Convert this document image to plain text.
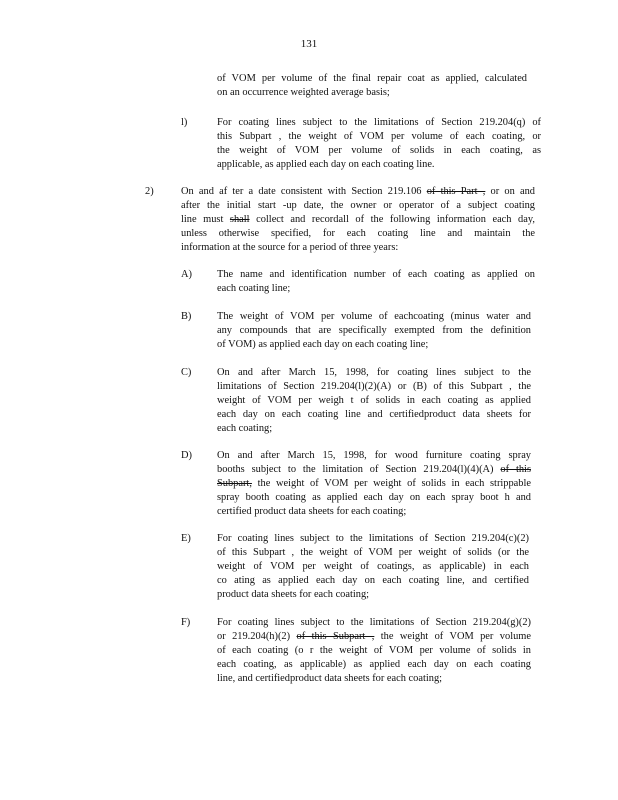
131
of VOM per volume of the final repair coat as applied, calculated
on an occurrence weighted average basis;
l)	For coating lines subject to the limitations of Section 219.204(q) of
this Subpart , the weight of VOM per volume of each coating, or
the weight of VOM per volume of solids in each coating, as
applicable, as applied each day on each coating line.
2)	On and af ter a date consistent with Section 219.106 of this Part , or on and
after the initial start -up date, the owner or operator of a subject coating
line must shall collect and recordall of the following information each day,
unless otherwise specified, for each coating line and maintain the
information at the source for a period of three years:
A) The name and identification number of each coating as applied on
each coating line;
B) The weight of VOM per volume of eachcoating (minus water and
any compounds that are specifically exempted from the definition
of VOM) as applied each day on each coating line;
C) On and after March 15, 1998, for coating lines subject to the
limitations of Section 219.204(l)(2)(A) or (B) of this Subpart , the
weight of VOM per weigh t of solids in each coating as applied
each day on each coating line and certifiedproduct data sheets for
each coating;
D) On and after March 15, 1998, for wood furniture coating spray
booths subject to the limitation of Section 219.204(l)(4)(A) of this
Subpart, the weight of VOM per weight of solids in each strippable
spray booth coating as applied each day on each spray boot h and
certified product data sheets for each coating;
E)	For coating lines subject to the limitations of Section 219.204(c)(2)
of this Subpart , the weight of VOM per weight of solids (or the
weight of VOM per weight of coatings, as applicable) in each
co ating as applied each day on each coating line, and certified
product data sheets for each coating;
F)	For coating lines subject to the limitations of Section 219.204(g)(2)
or 219.204(h)(2) of this Subpart , the weight of VOM per volume
of each coating (o r the weight of VOM per volume of solids in
each coating, as applicable) as applied each day on each coating
line, and certifiedproduct data sheets for each coating;
